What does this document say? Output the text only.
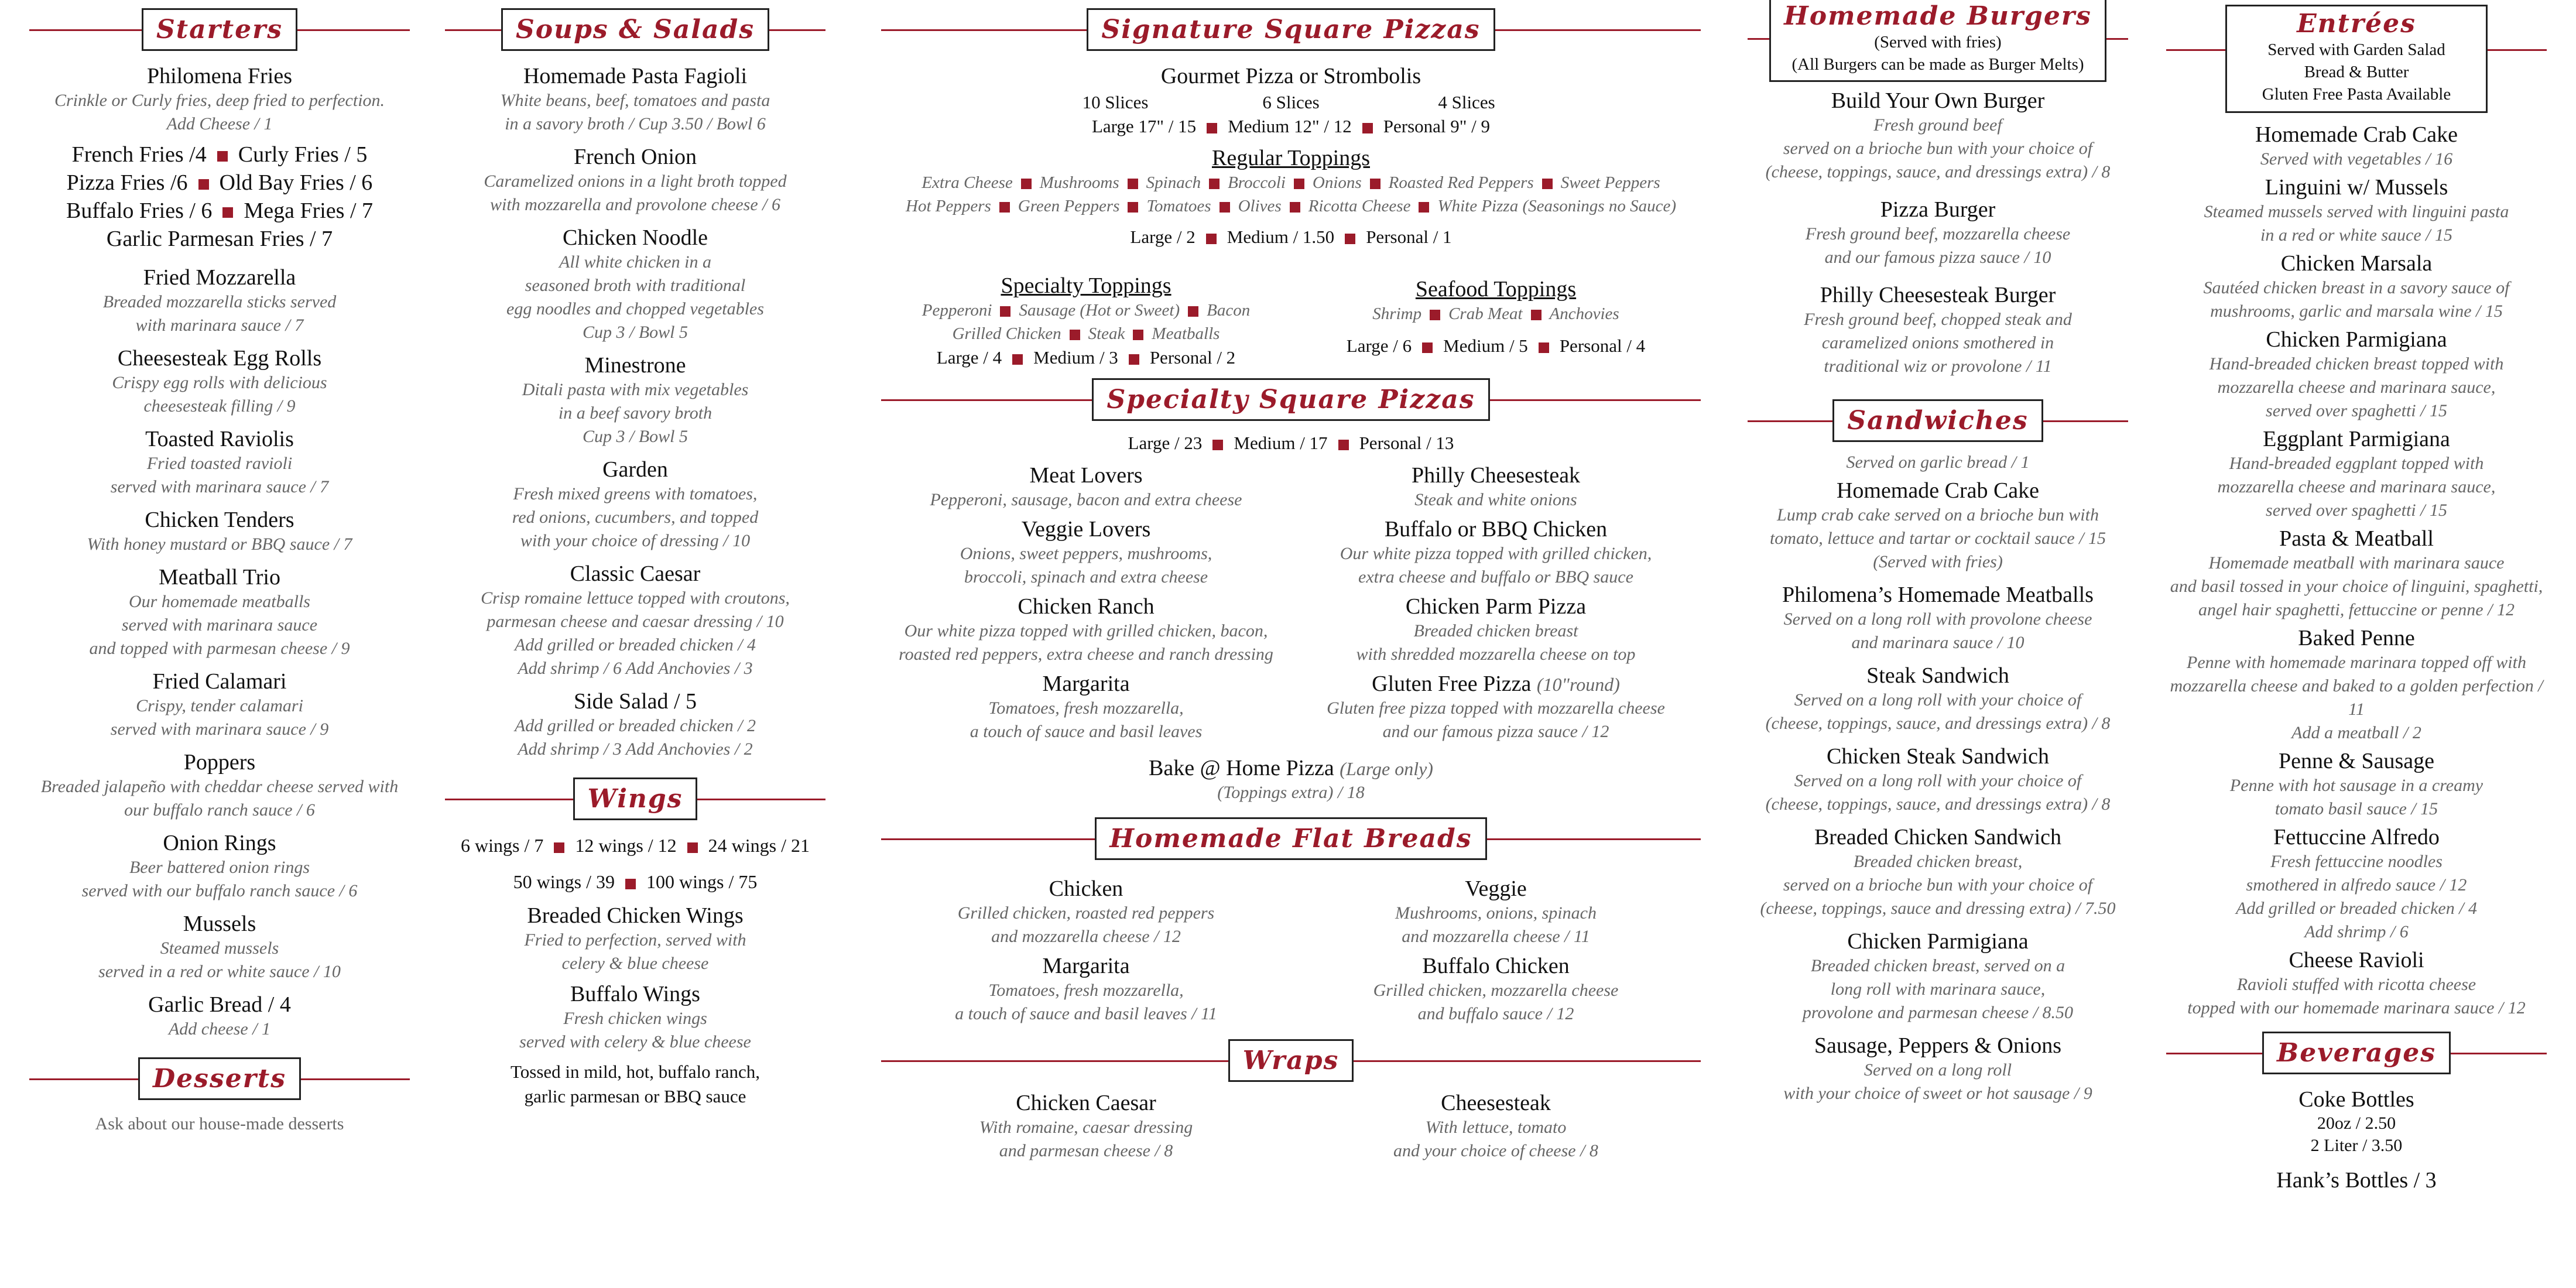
Starters
Philomena Fries
Crinkle or Curly fries, deep fried to perfection.
Add Cheese / 1
French Fries /4 Curly Fries / 5
Pizza Fries /6 Old Bay Fries / 6
Buffalo Fries / 6 Mega Fries / 7
Garlic Parmesan Fries / 7
Fried Mozzarella
Breaded mozzarella sticks served
with marinara sauce / 7
Cheesesteak Egg Rolls
Crispy egg rolls with delicious
cheesesteak filling / 9
Toasted Raviolis
Fried toasted ravioli
served with marinara sauce / 7
Chicken Tenders
With honey mustard or BBQ sauce / 7
Meatball Trio
Our homemade meatballs
served with marinara sauce
and topped with parmesan cheese / 9
Fried Calamari
Crispy, tender calamari
served with marinara sauce / 9
Poppers
Breaded jalapeño with cheddar cheese served with
our buffalo ranch sauce / 6
Onion Rings
Beer battered onion rings
served with our buffalo ranch sauce / 6
Mussels
Steamed mussels
served in a red or white sauce / 10
Garlic Bread / 4
Add cheese / 1
Desserts
Ask about our house-made desserts
Soups & Salads
Homemade Pasta Fagioli
White beans, beef, tomatoes and pasta
in a savory broth / Cup 3.50 / Bowl 6
French Onion
Caramelized onions in a light broth topped
with mozzarella and provolone cheese / 6
Chicken Noodle
All white chicken in a
seasoned broth with traditional
egg noodles and chopped vegetables
Cup 3 / Bowl 5
Minestrone
Ditali pasta with mix vegetables
in a beef savory broth
Cup 3 / Bowl 5
Garden
Fresh mixed greens with tomatoes,
red onions, cucumbers, and topped
with your choice of dressing / 10
Classic Caesar
Crisp romaine lettuce topped with croutons,
parmesan cheese and caesar dressing / 10
Add grilled or breaded chicken / 4
Add shrimp / 6 Add Anchovies / 3
Side Salad / 5
Add grilled or breaded chicken / 2
Add shrimp / 3 Add Anchovies / 2
Wings
6 wings / 7 12 wings / 12 24 wings / 21
50 wings / 39 100 wings / 75
Breaded Chicken Wings
Fried to perfection, served with
celery & blue cheese
Buffalo Wings
Fresh chicken wings
served with celery & blue cheese
Tossed in mild, hot, buffalo ranch,
garlic parmesan or BBQ sauce
Signature Square Pizzas
Gourmet Pizza or Strombolis
10 Slices	6 Slices	4 Slices
Large 17" / 15 Medium 12" / 12 Personal 9" / 9
Regular Toppings
Extra Cheese Mushrooms Spinach Broccoli Onions Roasted Red Peppers Sweet Peppers
Hot Peppers Green Peppers Tomatoes Olives Ricotta Cheese White Pizza (Seasonings no Sauce)
Large / 2 Medium / 1.50 Personal / 1
Specialty Toppings
Pepperoni Sausage (Hot or Sweet) Bacon
Grilled Chicken Steak Meatballs
Large / 4 Medium / 3 Personal / 2
Seafood Toppings
Shrimp Crab Meat Anchovies
Large / 6 Medium / 5 Personal / 4
Specialty Square Pizzas
Large / 23 Medium / 17 Personal / 13
Meat Lovers
Pepperoni, sausage, bacon and extra cheese
Veggie Lovers
Onions, sweet peppers, mushrooms,
broccoli, spinach and extra cheese
Chicken Ranch
Our white pizza topped with grilled chicken, bacon,
roasted red peppers, extra cheese and ranch dressing
Margarita
Tomatoes, fresh mozzarella,
a touch of sauce and basil leaves
Philly Cheesesteak
Steak and white onions
Buffalo or BBQ Chicken
Our white pizza topped with grilled chicken,
extra cheese and buffalo or BBQ sauce
Chicken Parm Pizza
Breaded chicken breast
with shredded mozzarella cheese on top
Gluten Free Pizza (10"round)
Gluten free pizza topped with mozzarella cheese
and our famous pizza sauce / 12
Bake @ Home Pizza (Large only)
(Toppings extra) / 18
Homemade Flat Breads
Chicken
Grilled chicken, roasted red peppers
and mozzarella cheese / 12
Margarita
Tomatoes, fresh mozzarella,
a touch of sauce and basil leaves / 11
Veggie
Mushrooms, onions, spinach
and mozzarella cheese / 11
Buffalo Chicken
Grilled chicken, mozzarella cheese
and buffalo sauce / 12
Wraps
Chicken Caesar
With romaine, caesar dressing
and parmesan cheese / 8
Cheesesteak
With lettuce, tomato
and your choice of cheese / 8
Homemade Burgers
(Served with fries)
(All Burgers can be made as Burger Melts)
Build Your Own Burger
Fresh ground beef
served on a brioche bun with your choice of
(cheese, toppings, sauce, and dressings extra) / 8
Pizza Burger
Fresh ground beef, mozzarella cheese
and our famous pizza sauce / 10
Philly Cheesesteak Burger
Fresh ground beef, chopped steak and
caramelized onions smothered in
traditional wiz or provolone / 11
Sandwiches
Served on garlic bread / 1
Homemade Crab Cake
Lump crab cake served on a brioche bun with
tomato, lettuce and tartar or cocktail sauce / 15
(Served with fries)
Philomena’s Homemade Meatballs
Served on a long roll with provolone cheese
and marinara sauce / 10
Steak Sandwich
Served on a long roll with your choice of
(cheese, toppings, sauce, and dressings extra) / 8
Chicken Steak Sandwich
Served on a long roll with your choice of
(cheese, toppings, sauce, and dressings extra) / 8
Breaded Chicken Sandwich
Breaded chicken breast,
served on a brioche bun with your choice of
(cheese, toppings, sauce and dressing extra) / 7.50
Chicken Parmigiana
Breaded chicken breast, served on a
long roll with marinara sauce,
provolone and parmesan cheese / 8.50
Sausage, Peppers & Onions
Served on a long roll
with your choice of sweet or hot sausage / 9
Entrées
Served with Garden Salad
Bread & Butter
Gluten Free Pasta Available
Homemade Crab Cake
Served with vegetables / 16
Linguini w/ Mussels
Steamed mussels served with linguini pasta
in a red or white sauce / 15
Chicken Marsala
Sautéed chicken breast in a savory sauce of
mushrooms, garlic and marsala wine / 15
Chicken Parmigiana
Hand-breaded chicken breast topped with
mozzarella cheese and marinara sauce,
served over spaghetti / 15
Eggplant Parmigiana
Hand-breaded eggplant topped with
mozzarella cheese and marinara sauce,
served over spaghetti / 15
Pasta & Meatball
Homemade meatball with marinara sauce
and basil tossed in your choice of linguini, spaghetti,
angel hair spaghetti, fettuccine or penne / 12
Baked Penne
Penne with homemade marinara topped off with
mozzarella cheese and baked to a golden perfection / 11
Add a meatball / 2
Penne & Sausage
Penne with hot sausage in a creamy
tomato basil sauce / 15
Fettuccine Alfredo
Fresh fettuccine noodles
smothered in alfredo sauce / 12
Add grilled or breaded chicken / 4
Add shrimp / 6
Cheese Ravioli
Ravioli stuffed with ricotta cheese
topped with our homemade marinara sauce / 12
Beverages
Coke Bottles
20oz / 2.50
2 Liter / 3.50
Hank’s Bottles / 3
